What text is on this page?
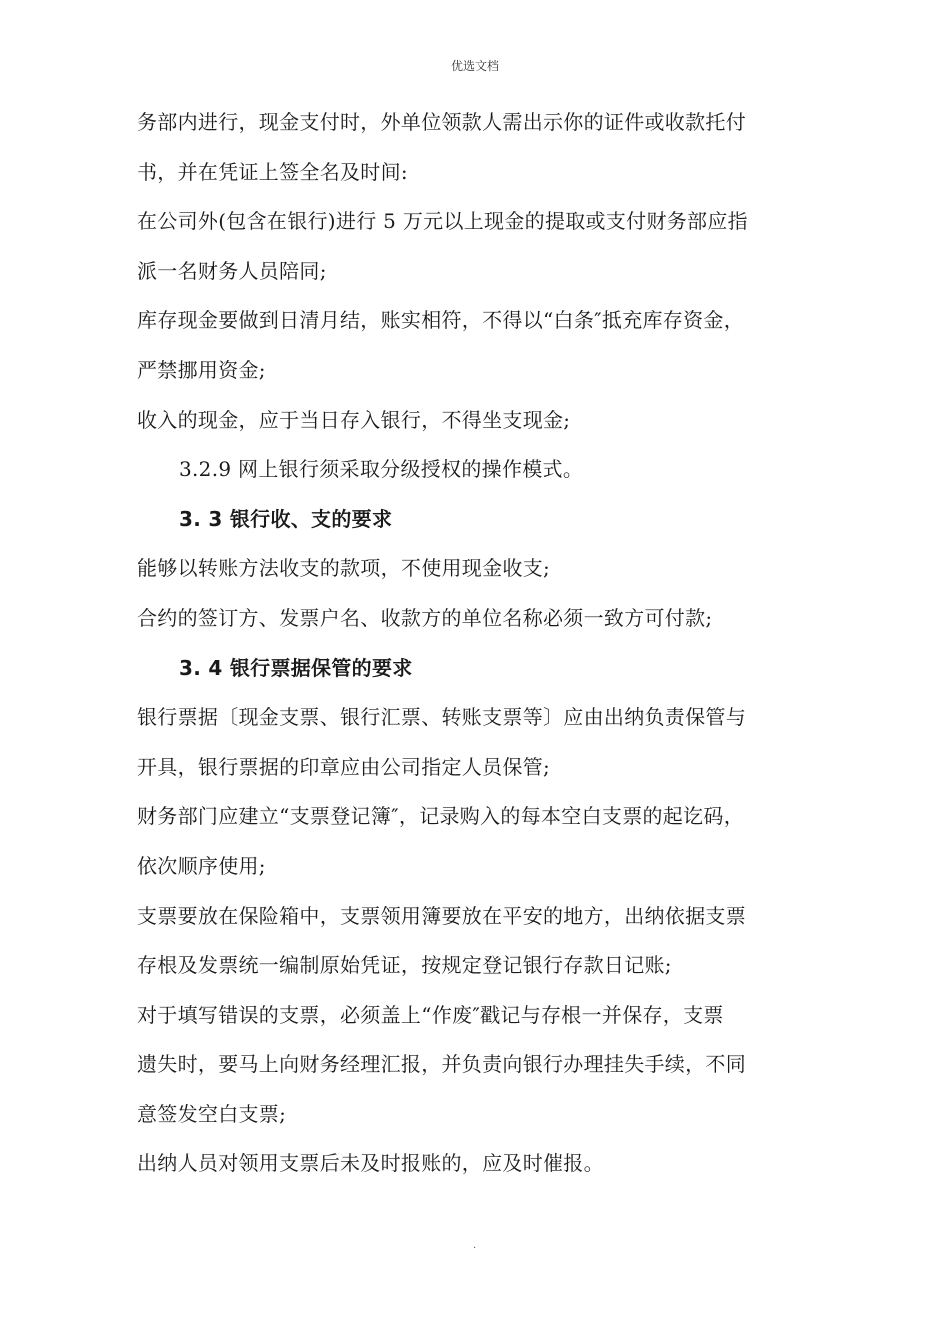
优选文档
务部内进行，现金支付时，外单位领款人需出示你的证件或收款托付
书，并在凭证上签全名及时间:
在公司外(包含在银行)进行 5 万元以上现金的提取或支付财务部应指
派一名财务人员陪同;
库存现金要做到日清月结，账实相符，不得以“白条″抵充库存资金，
严禁挪用资金;
收入的现金，应于当日存入银行，不得坐支现金;
3.2.9 网上银行须采取分级授权的操作模式。
3. 3 银行收、支的要求
能够以转账方法收支的款项，不使用现金收支;
合约的签订方、发票户名、收款方的单位名称必须一致方可付款;
3. 4 银行票据保管的要求
银行票据〔现金支票、银行汇票、转账支票等〕应由出纳负责保管与
开具，银行票据的印章应由公司指定人员保管;
财务部门应建立“支票登记簿″，记录购入的每本空白支票的起讫码，
依次顺序使用;
支票要放在保险箱中，支票领用簿要放在平安的地方，出纳依据支票
存根及发票统一编制原始凭证，按规定登记银行存款日记账;
对于填写错误的支票，必须盖上“作废″戳记与存根一并保存，支票
遗失时，要马上向财务经理汇报，并负责向银行办理挂失手续，不同
意签发空白支票;
出纳人员对领用支票后未及时报账的，应及时催报。
.
